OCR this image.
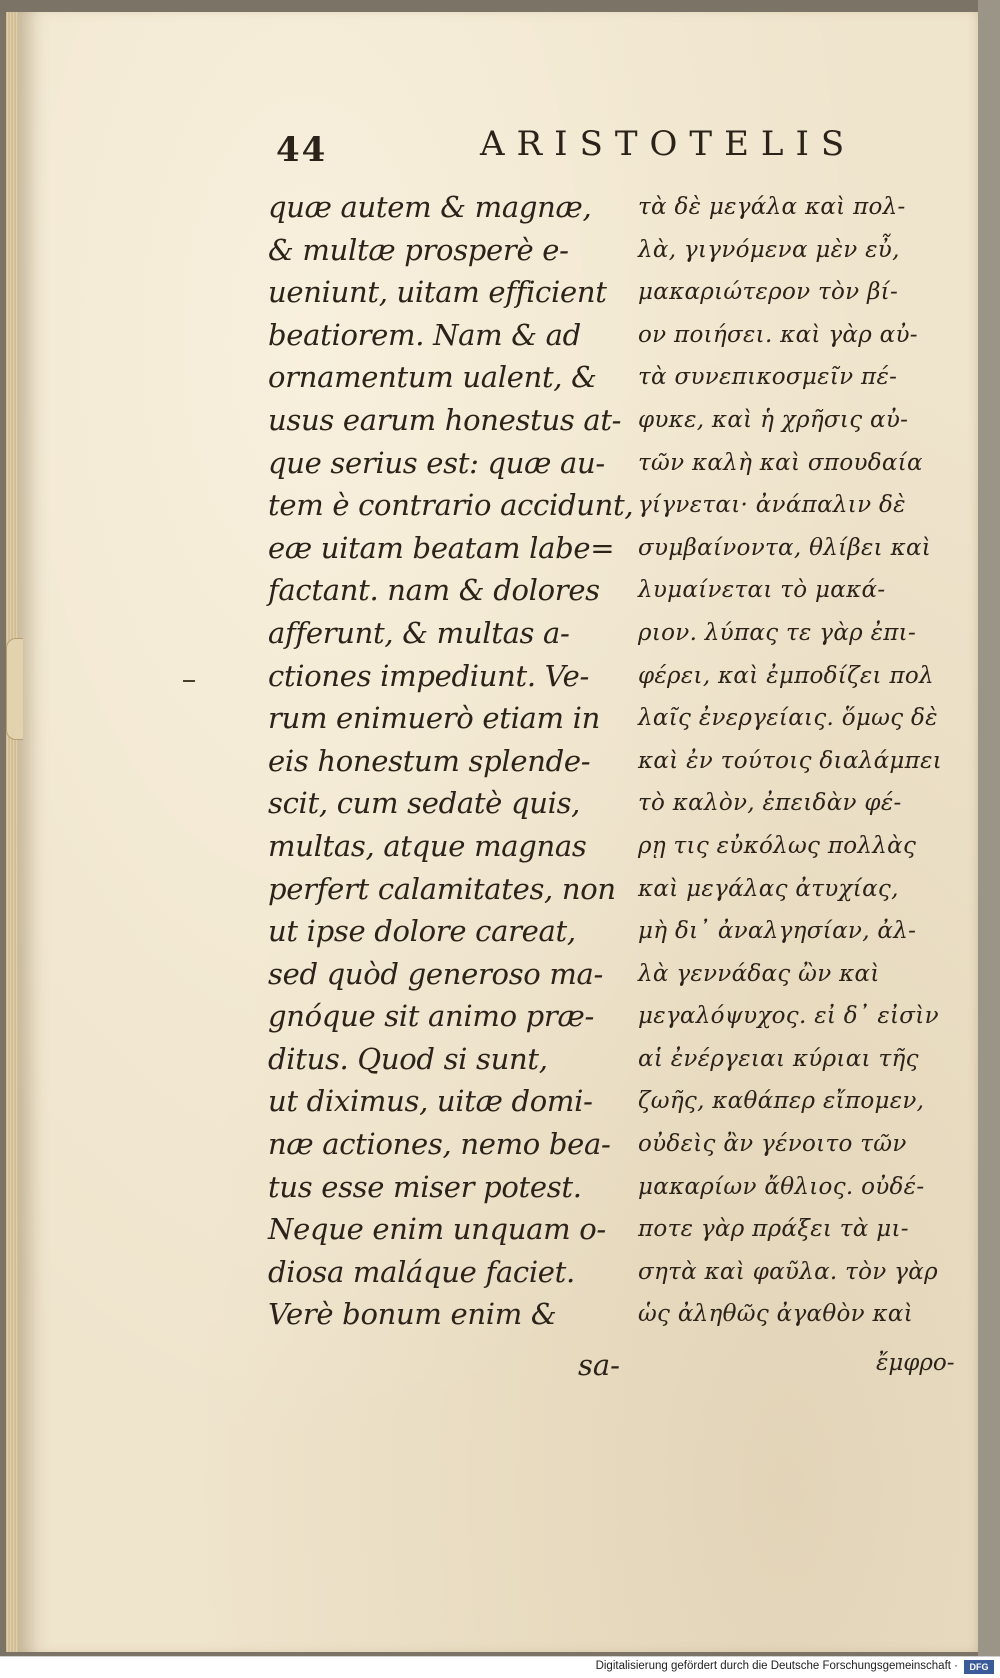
44	ARISTOTELIS
quæ autem & magnæ,
& multæ prosperè e-
ueniunt, uitam efficient
beatiorem. Nam & ad
ornamentum ualent, &
usus earum honestus at-
que serius est: quæ au-
tem è contrario accidunt,
eæ uitam beatam labe=
factant. nam & dolores
afferunt, & multas a-
ctiones impediunt. Ve-
rum enimuerò etiam in
eis honestum splende-
scit, cum sedatè quis,
multas, atque magnas
perfert calamitates, non
ut ipse dolore careat,
sed quòd generoso ma-
gnóque sit animo præ-
ditus. Quod si sunt,
ut diximus, uitæ domi-
næ actiones, nemo bea-
tus esse miser potest.
Neque enim unquam o-
diosa maláque faciet.
Verè bonum enim &
τὰ δὲ μεγάλα καὶ πολ-
λὰ, γιγνόμενα μὲν εὖ,
μακαριώτερον τὸν βί-
ον ποιήσει. καὶ γὰρ αὐ-
τὰ συνεπικοσμεῖν πέ-
φυκε, καὶ ἡ χρῆσις αὐ-
τῶν καλὴ καὶ σπουδαία
γίγνεται· ἀνάπαλιν δὲ
συμβαίνοντα, θλίβει καὶ
λυμαίνεται τὸ μακά-
ριον. λύπας τε γὰρ ἐπι-
φέρει, καὶ ἐμποδίζει πολ
λαῖς ἐνεργείαις. ὅμως δὲ
καὶ ἐν τούτοις διαλάμπει
τὸ καλὸν, ἐπειδὰν φέ-
ρῃ τις εὐκόλως πολλὰς
καὶ μεγάλας ἀτυχίας,
μὴ δι᾽ ἀναλγησίαν, ἀλ-
λὰ γεννάδας ὢν καὶ
μεγαλόψυχος. εἰ δ᾽ εἰσὶν
αἱ ἐνέργειαι κύριαι τῆς
ζωῆς, καθάπερ εἴπομεν,
οὐδεὶς ἂν γένοιτο τῶν
μακαρίων ἄθλιος. οὐδέ-
ποτε γὰρ πράξει τὰ μι-
σητὰ καὶ φαῦλα. τὸν γὰρ
ὡς ἀληθῶς ἀγαθὸν καὶ
sa-	ἔμφρο-
Digitalisierung gefördert durch die Deutsche Forschungsgemeinschaft ·	DFG
